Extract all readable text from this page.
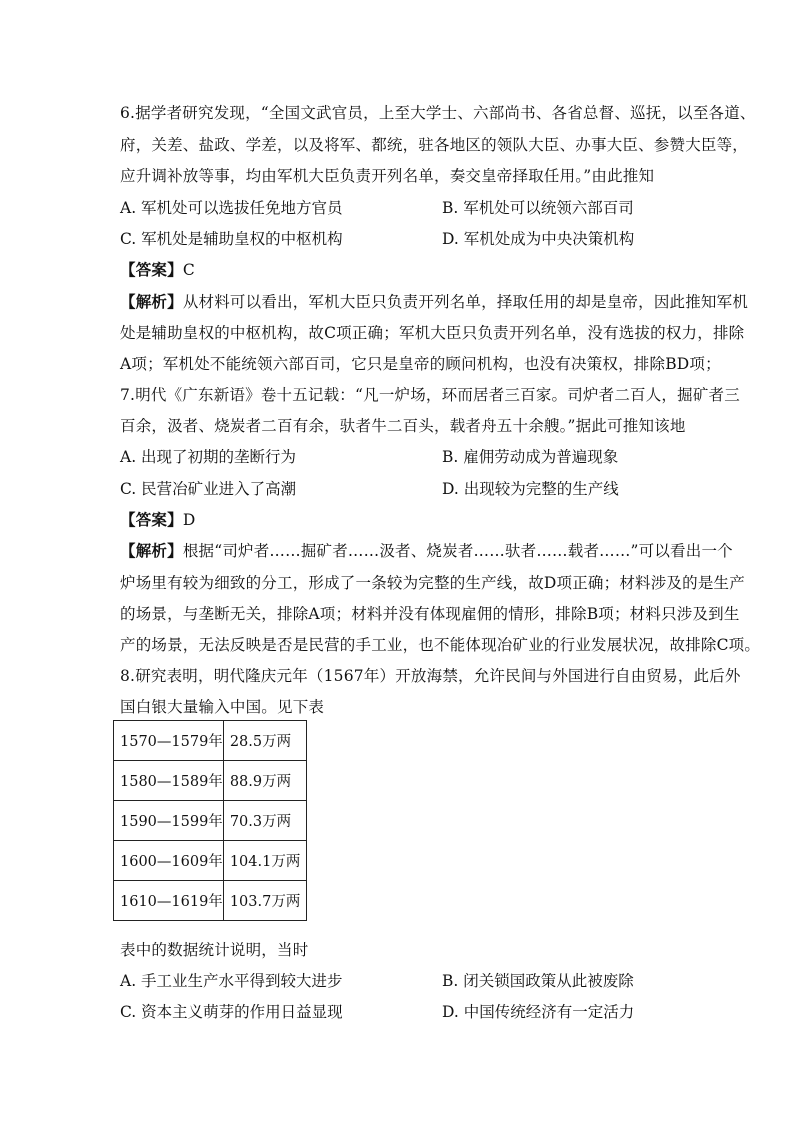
6.据学者研究发现，“全国文武官员，上至大学士、六部尚书、各省总督、巡抚，以至各道、
府，关差、盐政、学差，以及将军、都统，驻各地区的领队大臣、办事大臣、参赞大臣等，
应升调补放等事，均由军机大臣负责开列名单，奏交皇帝择取任用。”由此推知
A. 军机处可以选拔任免地方官员	B. 军机处可以统领六部百司
C. 军机处是辅助皇权的中枢机构	D. 军机处成为中央决策机构
【答案】C
【解析】从材料可以看出，军机大臣只负责开列名单，择取任用的却是皇帝，因此推知军机
处是辅助皇权的中枢机构，故C项正确；军机大臣只负责开列名单，没有选拔的权力，排除
A项；军机处不能统领六部百司，它只是皇帝的顾问机构，也没有决策权，排除BD项；
7.明代《广东新语》卷十五记载：“凡一炉场，环而居者三百家。司炉者二百人，掘矿者三
百余，汲者、烧炭者二百有余，驮者牛二百头，载者舟五十余艘。”据此可推知该地
A. 出现了初期的垄断行为	B. 雇佣劳动成为普遍现象
C. 民营冶矿业进入了高潮	D. 出现较为完整的生产线
【答案】D
【解析】根据“司炉者……掘矿者……汲者、烧炭者……驮者……载者……”可以看出一个
炉场里有较为细致的分工，形成了一条较为完整的生产线，故D项正确；材料涉及的是生产
的场景，与垄断无关，排除A项；材料并没有体现雇佣的情形，排除B项；材料只涉及到生
产的场景，无法反映是否是民营的手工业，也不能体现冶矿业的行业发展状况，故排除C项。
8.研究表明，明代隆庆元年（1567年）开放海禁，允许民间与外国进行自由贸易，此后外
国白银大量输入中国。见下表
1570—1579年	28.5万两
1580—1589年	88.9万两
1590—1599年	70.3万两
1600—1609年	104.1万两
1610—1619年	103.7万两
表中的数据统计说明，当时
A. 手工业生产水平得到较大进步	B. 闭关锁国政策从此被废除
C. 资本主义萌芽的作用日益显现	D. 中国传统经济有一定活力
